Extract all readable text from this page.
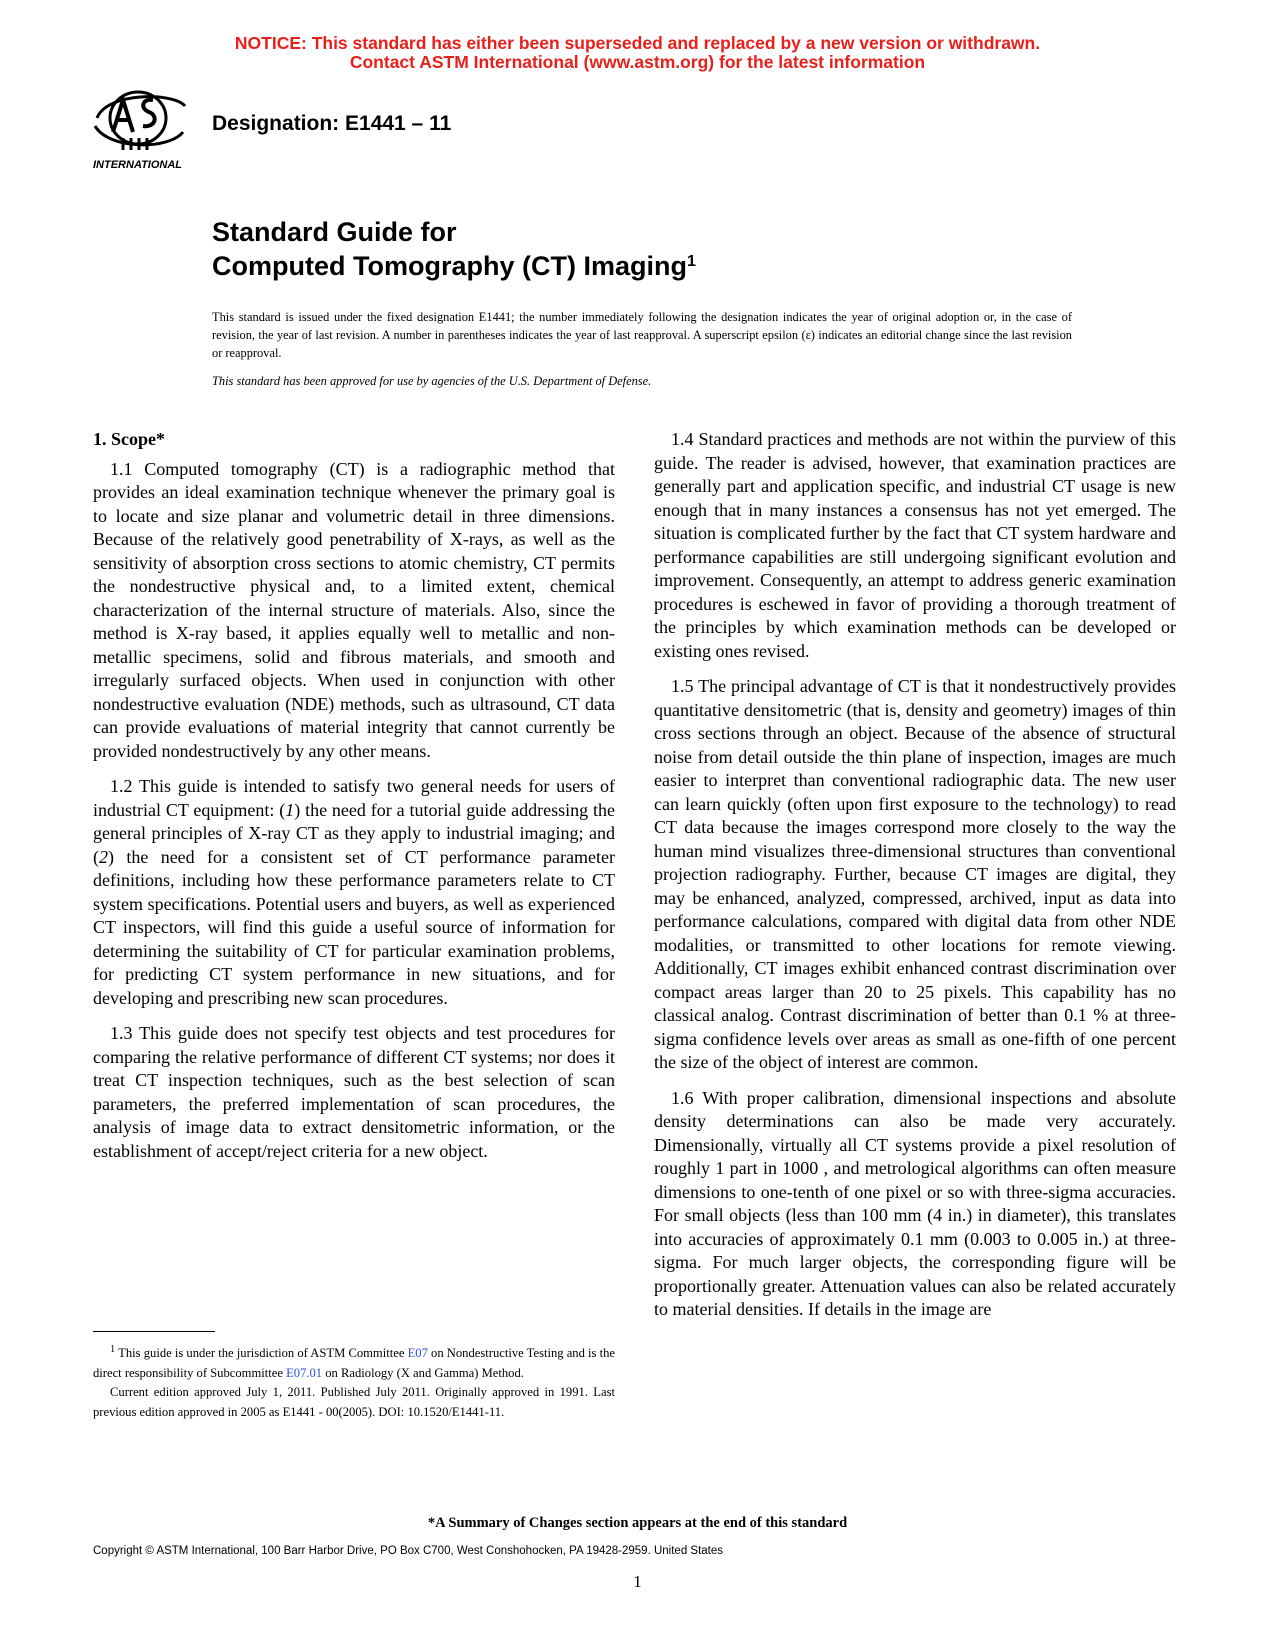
NOTICE: This standard has either been superseded and replaced by a new version or withdrawn.
Contact ASTM International (www.astm.org) for the latest information
INTERNATIONAL
Designation: E1441 – 11
Standard Guide for
Computed Tomography (CT) Imaging$^1$
This standard is issued under the fixed designation E1441; the number immediately following the designation indicates the year of original adoption or, in the case of revision, the year of last revision. A number in parentheses indicates the year of last reapproval. A superscript epsilon (ε) indicates an editorial change since the last revision or reapproval.
This standard has been approved for use by agencies of the U.S. Department of Defense.
1. Scope*

1.1 Computed tomography (CT) is a radiographic method that provides an ideal examination technique whenever the primary goal is to locate and size planar and volumetric detail in three dimensions. Because of the relatively good penetrability of X-rays, as well as the sensitivity of absorption cross sections to atomic chemistry, CT permits the nondestructive physical and, to a limited extent, chemical characterization of the internal structure of materials. Also, since the method is X-ray based, it applies equally well to metallic and non-metallic specimens, solid and fibrous materials, and smooth and irregularly surfaced objects. When used in conjunction with other nondestructive evaluation (NDE) methods, such as ultrasound, CT data can provide evaluations of material integrity that cannot currently be provided nondestructively by any other means.

1.2 This guide is intended to satisfy two general needs for users of industrial CT equipment: (1) the need for a tutorial guide addressing the general principles of X-ray CT as they apply to industrial imaging; and (2) the need for a consistent set of CT performance parameter definitions, including how these performance parameters relate to CT system specifications. Potential users and buyers, as well as experienced CT inspectors, will find this guide a useful source of information for determining the suitability of CT for particular examination problems, for predicting CT system performance in new situations, and for developing and prescribing new scan procedures.

1.3 This guide does not specify test objects and test procedures for comparing the relative performance of different CT systems; nor does it treat CT inspection techniques, such as the best selection of scan parameters, the preferred implementation of scan procedures, the analysis of image data to extract densitometric information, or the establishment of accept/reject criteria for a new object.

1.4 Standard practices and methods are not within the purview of this guide. The reader is advised, however, that examination practices are generally part and application specific, and industrial CT usage is new enough that in many instances a consensus has not yet emerged. The situation is complicated further by the fact that CT system hardware and performance capabilities are still undergoing significant evolution and improvement. Consequently, an attempt to address generic examination procedures is eschewed in favor of providing a thorough treatment of the principles by which examination methods can be developed or existing ones revised.

1.5 The principal advantage of CT is that it nondestructively provides quantitative densitometric (that is, density and geometry) images of thin cross sections through an object. Because of the absence of structural noise from detail outside the thin plane of inspection, images are much easier to interpret than conventional radiographic data. The new user can learn quickly (often upon first exposure to the technology) to read CT data because the images correspond more closely to the way the human mind visualizes three-dimensional structures than conventional projection radiography. Further, because CT images are digital, they may be enhanced, analyzed, compressed, archived, input as data into performance calculations, compared with digital data from other NDE modalities, or transmitted to other locations for remote viewing. Additionally, CT images exhibit enhanced contrast discrimination over compact areas larger than 20 to 25 pixels. This capability has no classical analog. Contrast discrimination of better than 0.1 % at three-sigma confidence levels over areas as small as one-fifth of one percent the size of the object of interest are common.

1.6 With proper calibration, dimensional inspections and absolute density determinations can also be made very accurately. Dimensionally, virtually all CT systems provide a pixel resolution of roughly 1 part in 1000 , and metrological algorithms can often measure dimensions to one-tenth of one pixel or so with three-sigma accuracies. For small objects (less than 100 mm (4 in.) in diameter), this translates into accuracies of approximately 0.1 mm (0.003 to 0.005 in.) at three-sigma. For much larger objects, the corresponding figure will be proportionally greater. Attenuation values can also be related accurately to material densities. If details in the image are

$^1$ This guide is under the jurisdiction of ASTM Committee E07 on Nondestructive Testing and is the direct responsibility of Subcommittee E07.01 on Radiology (X and Gamma) Method.

Current edition approved July 1, 2011. Published July 2011. Originally approved in 1991. Last previous edition approved in 2005 as E1441 - 00(2005). DOI: 10.1520/E1441-11.

*A Summary of Changes section appears at the end of this standard
Copyright © ASTM International, 100 Barr Harbor Drive, PO Box C700, West Conshohocken, PA 19428-2959. United States
1
